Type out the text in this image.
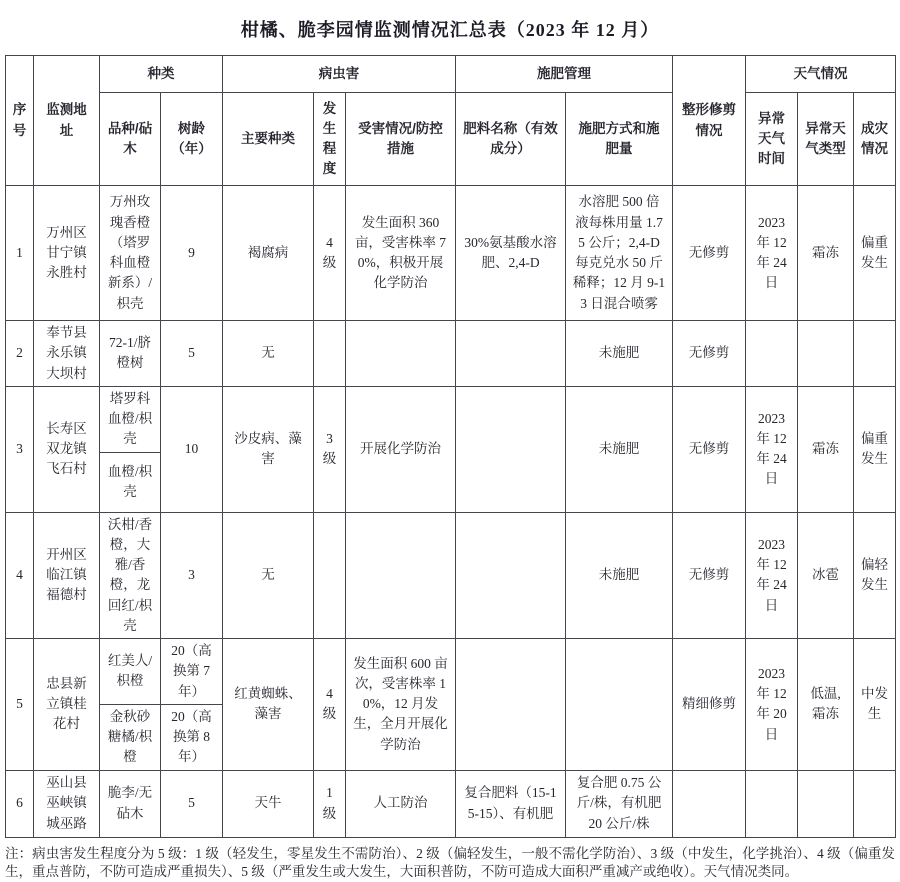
柑橘、脆李园情监测情况汇总表（2023 年 12 月）
序号	监测地址	种类		病虫害			施肥管理		整形修剪情况	天气情况		
		品种/砧木	树龄（年）	主要种类	发生程度	受害情况/防控措施	肥料名称（有效成分）	施肥方式和施肥量		异常天气时间	异常天气类型	成灾情况
1	万州区甘宁镇永胜村	万州玫瑰香橙（塔罗科血橙新系）/枳壳	9	褐腐病	4 级	发生面积 360 亩，受害株率 70%，积极开展化学防治	30%氨基酸水溶肥、2,4-D	水溶肥 500 倍液每株用量 1.75 公斤；2,4-D 每克兑水 50 斤稀释；12 月 9-13 日混合喷雾	无修剪	2023 年 12 年 24 日	霜冻	偏重发生
2	奉节县永乐镇大坝村	72-1/脐橙树	5	无				未施肥	无修剪			
3	长寿区双龙镇飞石村	塔罗科血橙/枳壳	10	沙皮病、藻害	3 级	开展化学防治		未施肥	无修剪	2023 年 12 年 24 日	霜冻	偏重发生
		血橙/枳壳										
4	开州区临江镇福德村	沃柑/香橙，大雅/香橙，龙回红/枳壳	3	无				未施肥	无修剪	2023 年 12 年 24 日	冰雹	偏轻发生
5	忠县新立镇桂花村	红美人/枳橙	20（高换第 7 年）	红黄蜘蛛、藻害	4 级	发生面积 600 亩次，受害株率 10%，12 月发生，全月开展化学防治			精细修剪	2023 年 12 年 20 日	低温,霜冻	中发生
		金秋砂糖橘/枳橙	20（高换第 8 年）									
6	巫山县巫峡镇城巫路	脆李/无砧木	5	天牛	1 级	人工防治	复合肥料（15-15-15）、有机肥	复合肥 0.75 公斤/株，有机肥 20 公斤/株				
注：病虫害发生程度分为 5 级：1 级（轻发生，零星发生不需防治）、2 级（偏轻发生，一般不需化学防治）、3 级（中发生，化学挑治）、4 级（偏重发生，重点普防，不防可造成严重损失）、5 级（严重发生或大发生，大面积普防，不防可造成大面积严重减产或绝收）。天气情况类同。
